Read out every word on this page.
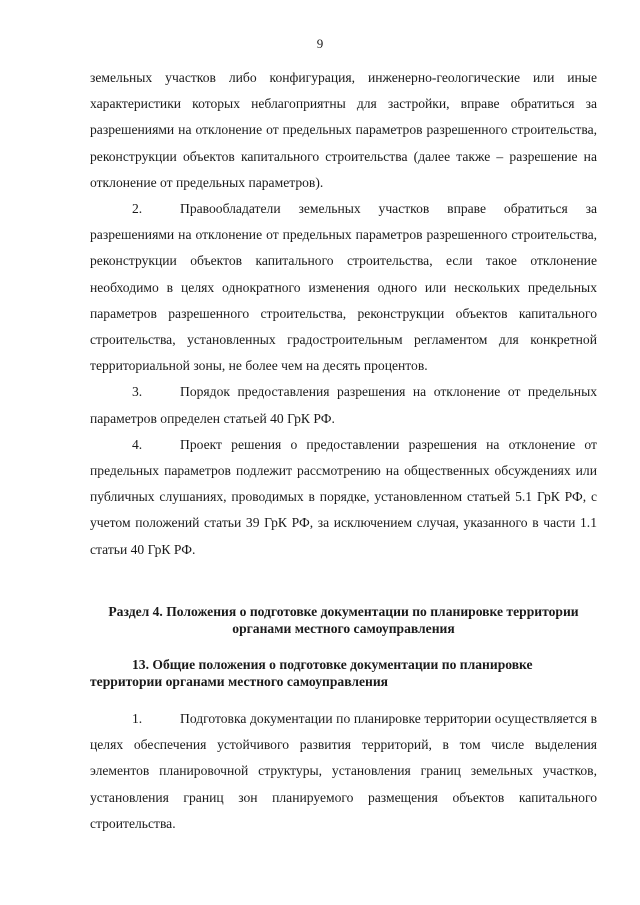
9

земельных участков либо конфигурация, инженерно-геологические или иные характеристики которых неблагоприятны для застройки, вправе обратиться за разрешениями на отклонение от предельных параметров разрешенного строительства, реконструкции объектов капитального строительства (далее также – разрешение на отклонение от предельных параметров).

2.	Правообладатели земельных участков вправе обратиться за разрешениями на отклонение от предельных параметров разрешенного строительства, реконструкции объектов капитального строительства, если такое отклонение необходимо в целях однократного изменения одного или нескольких предельных параметров разрешенного строительства, реконструкции объектов капитального строительства, установленных градостроительным регламентом для конкретной территориальной зоны, не более чем на десять процентов.

3.	Порядок предоставления разрешения на отклонение от предельных параметров определен статьей 40 ГрК РФ.

4.	Проект решения о предоставлении разрешения на отклонение от предельных параметров подлежит рассмотрению на общественных обсуждениях или публичных слушаниях, проводимых в порядке, установленном статьей 5.1 ГрК РФ, с учетом положений статьи 39 ГрК РФ, за исключением случая, указанного в части 1.1 статьи 40 ГрК РФ.

Раздел 4. Положения о подготовке документации по планировке территории органами местного самоуправления
13. Общие положения о подготовке документации по планировке территории органами местного самоуправления

1.	Подготовка документации по планировке территории осуществляется в целях обеспечения устойчивого развития территорий, в том числе выделения элементов планировочной структуры, установления границ земельных участков, установления границ зон планируемого размещения объектов капитального строительства.
